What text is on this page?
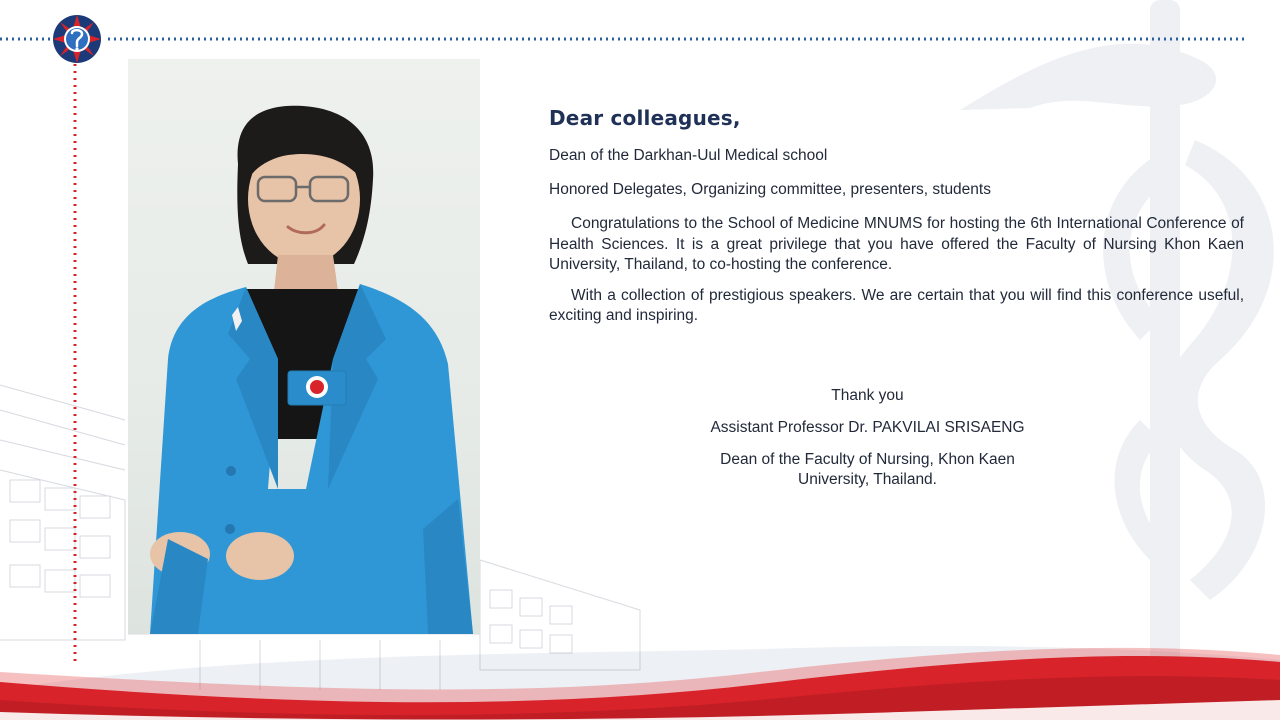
Dear colleagues,

Dean of the Darkhan-Uul Medical school

Honored Delegates, Organizing committee, presenters, students

Congratulations to the School of Medicine MNUMS for hosting the 6th International Conference of Health Sciences. It is a great privilege that you have offered the Faculty of Nursing Khon Kaen University, Thailand, to co-hosting the conference.

With a collection of prestigious speakers. We are certain that you will find this conference useful, exciting and inspiring.

Thank you

Assistant Professor Dr. PAKVILAI SRISAENG

Dean of the Faculty of Nursing, Khon Kaen University, Thailand.
